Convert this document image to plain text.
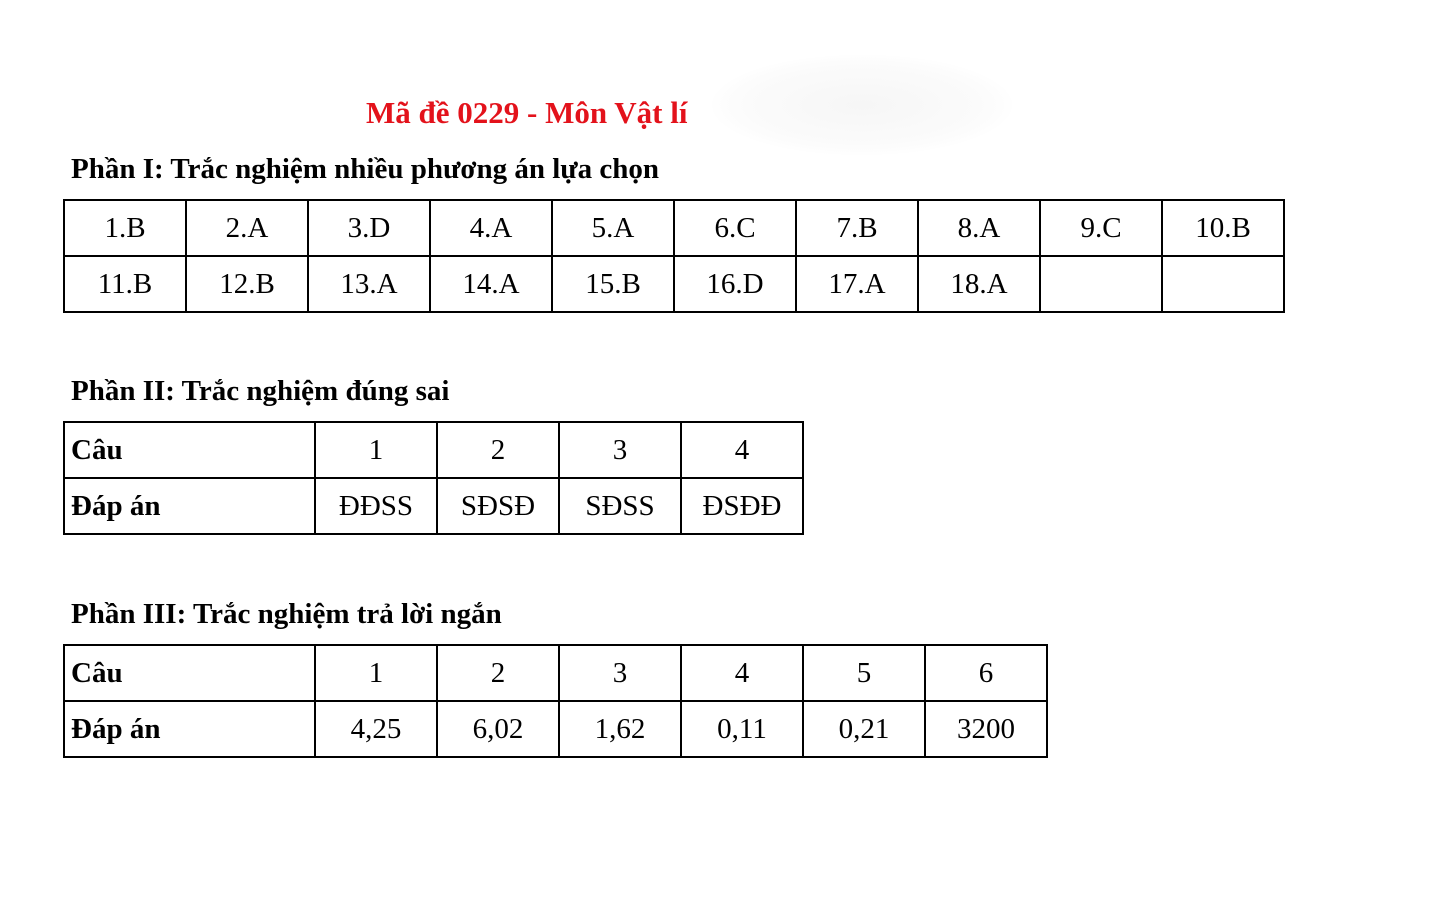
Mã đề 0229 - Môn Vật lí
Phần I: Trắc nghiệm nhiều phương án lựa chọn
1.B	2.A	3.D	4.A	5.A	6.C	7.B	8.A	9.C	10.B
11.B	12.B	13.A	14.A	15.B	16.D	17.A	18.A		
Phần II: Trắc nghiệm đúng sai
Câu	1	2	3	4
Đáp án	ĐĐSS	SĐSĐ	SĐSS	ĐSĐĐ
Phần III: Trắc nghiệm trả lời ngắn
Câu	1	2	3	4	5	6
Đáp án	4,25	6,02	1,62	0,11	0,21	3200
